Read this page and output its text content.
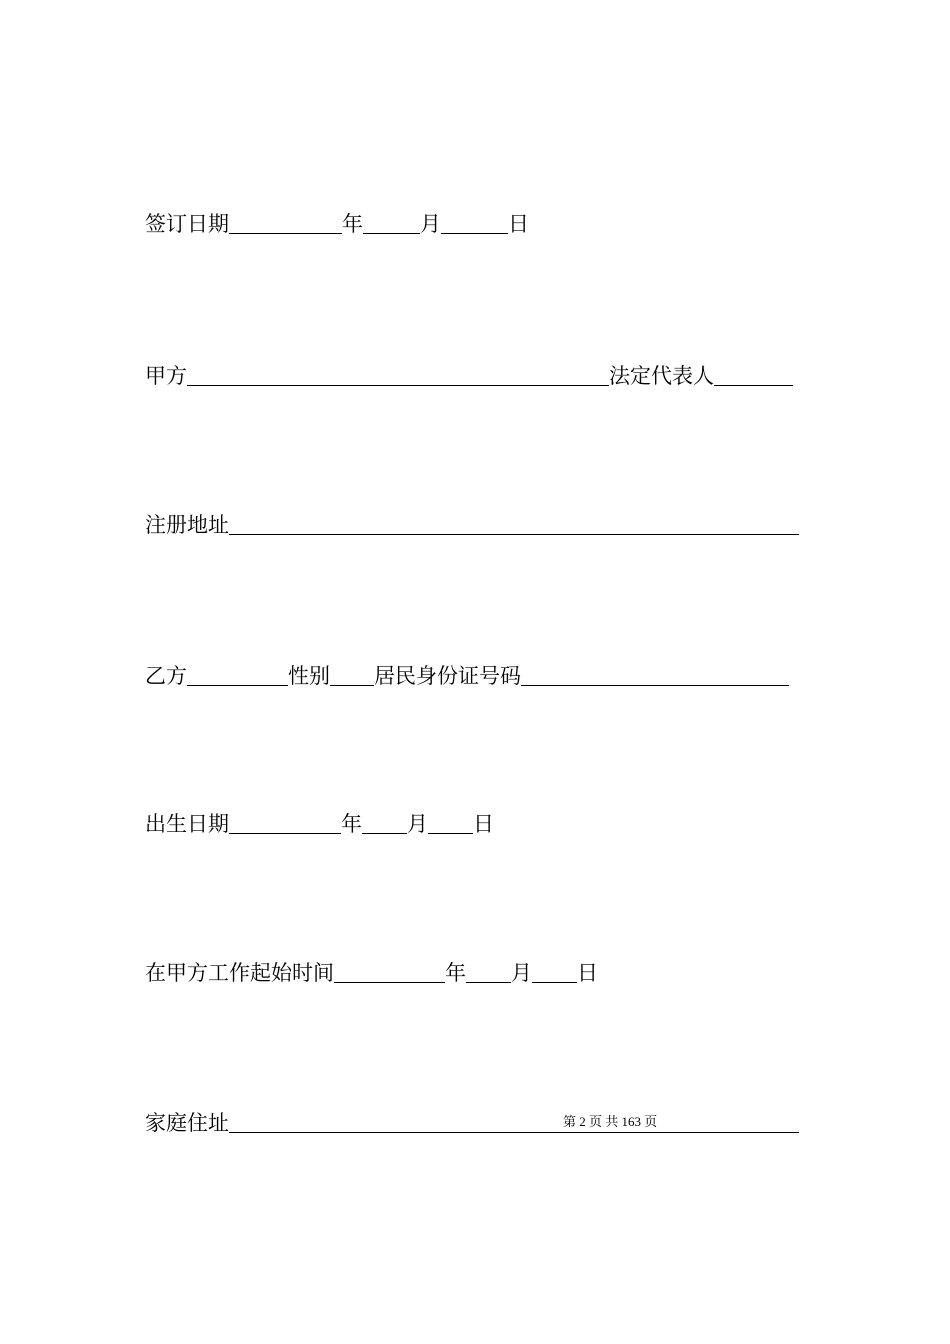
签订日期	年	月	日
甲方	法定代表人
注册地址
乙方	性别 居民身份证号码
出生日期	年 月 日
在甲方工作起始时间	年 月 日
家庭住址	第 2 页 共 163 页
